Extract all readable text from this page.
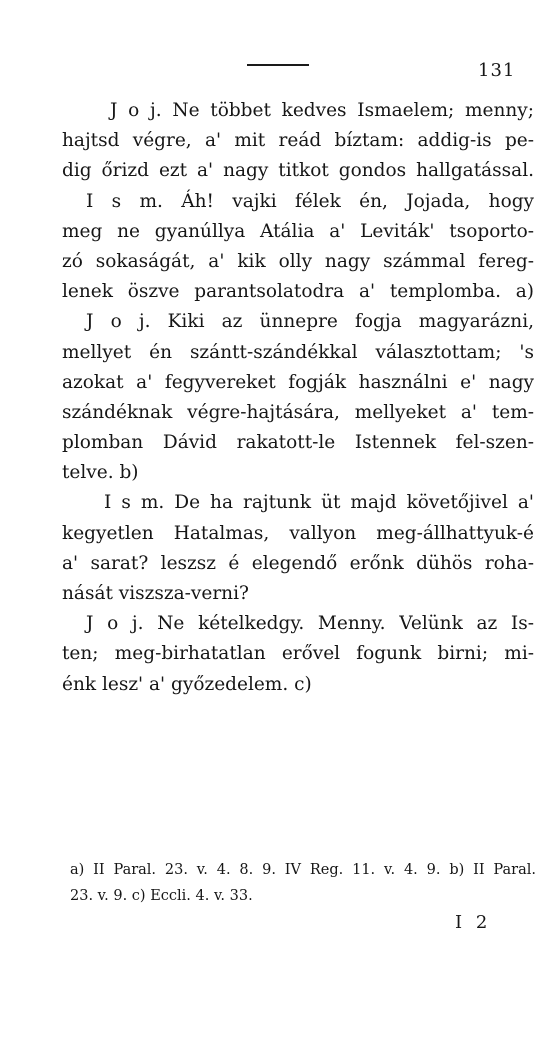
131
J o j. Ne többet kedves Ismaelem; menny;
hajtsd végre, a' mit reád bíztam: addig-is pe-
dig őrizd ezt a' nagy titkot gondos hallgatással.
I s m. Áh! vajki félek én, Jojada, hogy
meg ne gyanúllya Atália a' Leviták' tsoporto-
zó sokaságát, a' kik olly nagy számmal fereg-
lenek öszve parantsolatodra a' templomba. a)
J o j. Kiki az ünnepre fogja magyarázni,
mellyet én szántt-szándékkal választottam; 's
azokat a' fegyvereket fogják használni e' nagy
szándéknak végre-hajtására, mellyeket a' tem-
plomban Dávid rakatott-le Istennek fel-szen-
telve. b)
I s m. De ha rajtunk üt majd követőjivel a'
kegyetlen Hatalmas, vallyon meg-állhattyuk-é
a' sarat? leszsz é elegendő erőnk dühös roha-
nását viszsza-verni?
J o j. Ne kételkedgy. Menny. Velünk az Is-
ten; meg-birhatatlan erővel fogunk birni; mi-
énk lesz' a' győzedelem. c)
a) II Paral. 23. v. 4. 8. 9. IV Reg. 11. v. 4. 9. b) II Paral.
23. v. 9. c) Eccli. 4. v. 33.
I 2
